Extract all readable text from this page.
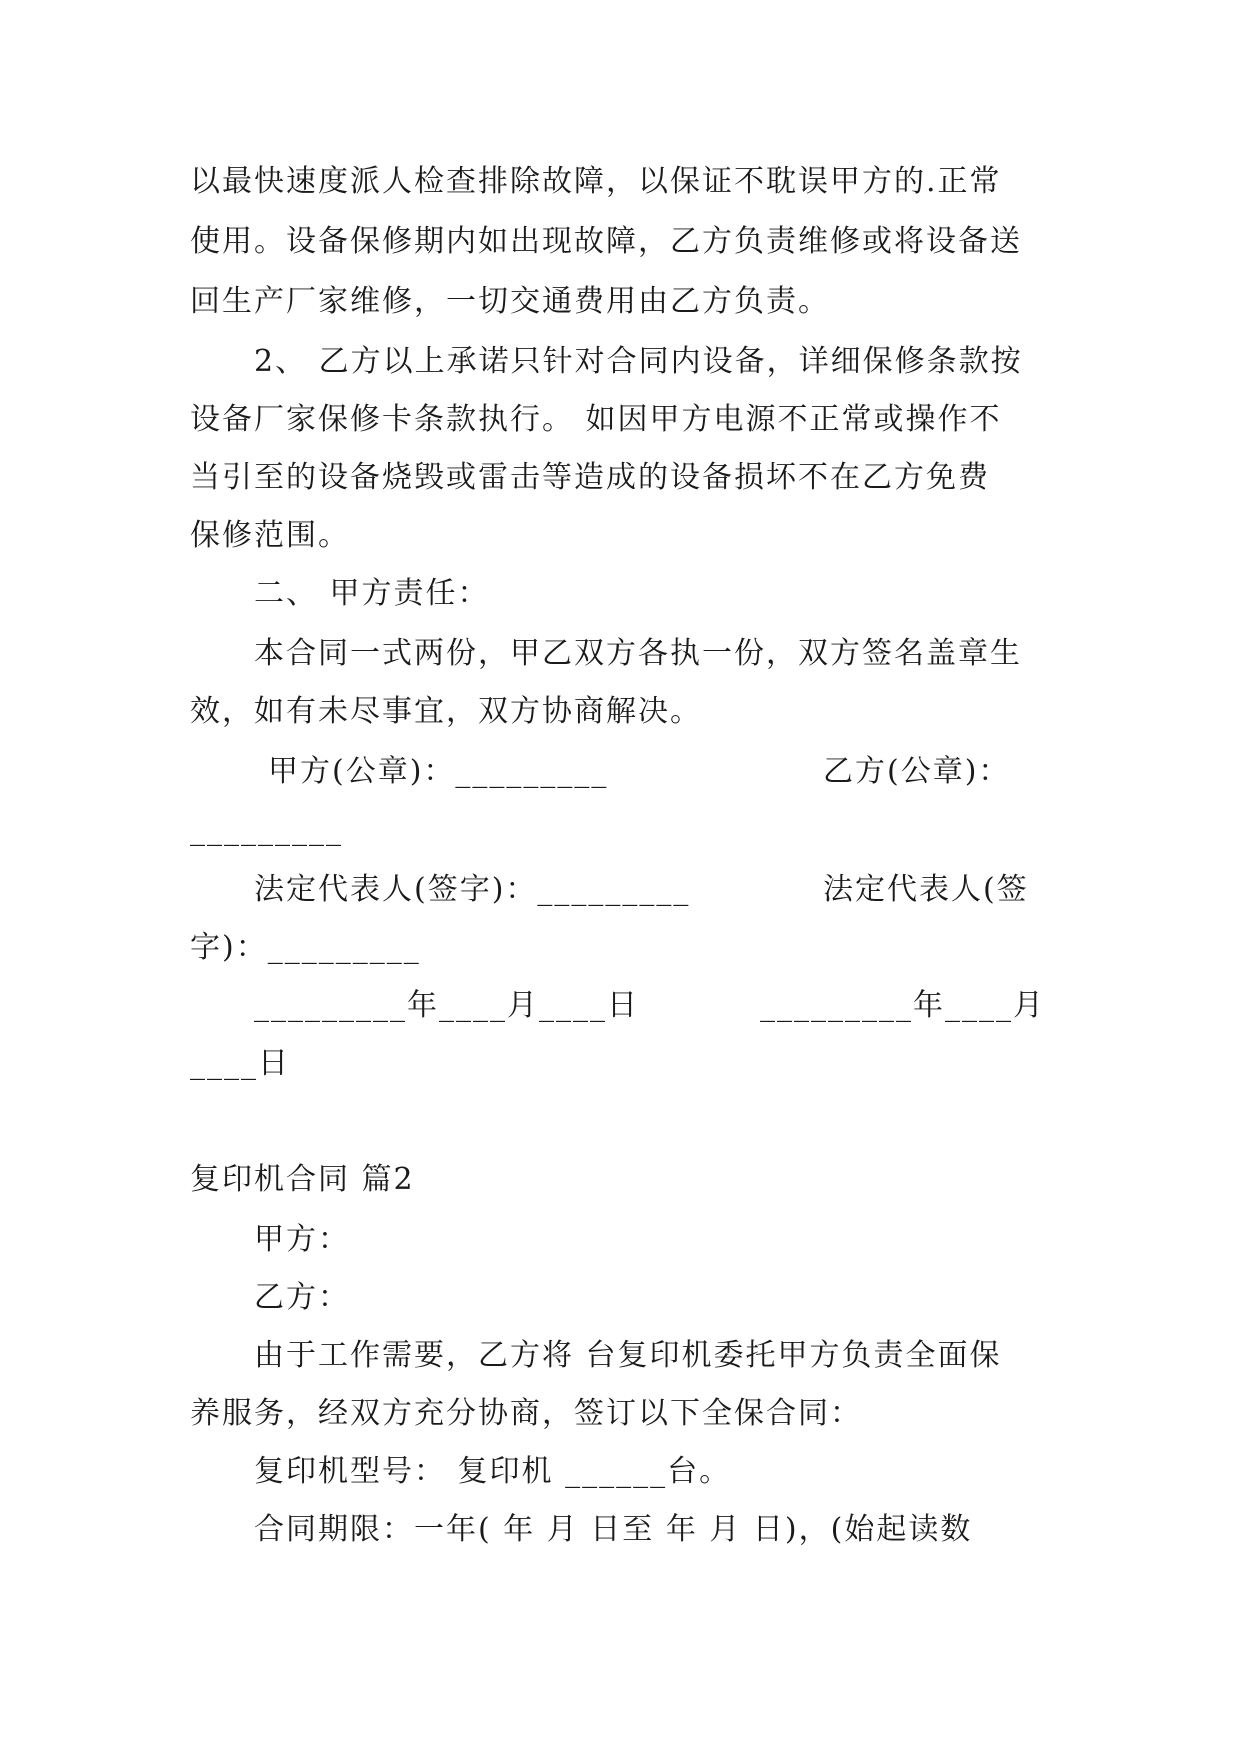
以最快速度派人检查排除故障，以保证不耽误甲方的.正常
使用。设备保修期内如出现故障，乙方负责维修或将设备送
回生产厂家维修，一切交通费用由乙方负责。
2、 乙方以上承诺只针对合同内设备，详细保修条款按
设备厂家保修卡条款执行。 如因甲方电源不正常或操作不
当引至的设备烧毁或雷击等造成的设备损坏不在乙方免费
保修范围。
二、 甲方责任：
本合同一式两份，甲乙双方各执一份，双方签名盖章生
效，如有未尽事宜，双方协商解决。
甲方(公章)：_________	乙方(公章)：
_________
法定代表人(签字)：_________	法定代表人(签
字)：_________
_________年____月____日	_________年____月
____日
复印机合同 篇2
甲方：
乙方：
由于工作需要，乙方将 台复印机委托甲方负责全面保
养服务，经双方充分协商，签订以下全保合同：
复印机型号： 复印机 ______台。
合同期限：一年( 年 月 日至 年 月 日)，(始起读数
